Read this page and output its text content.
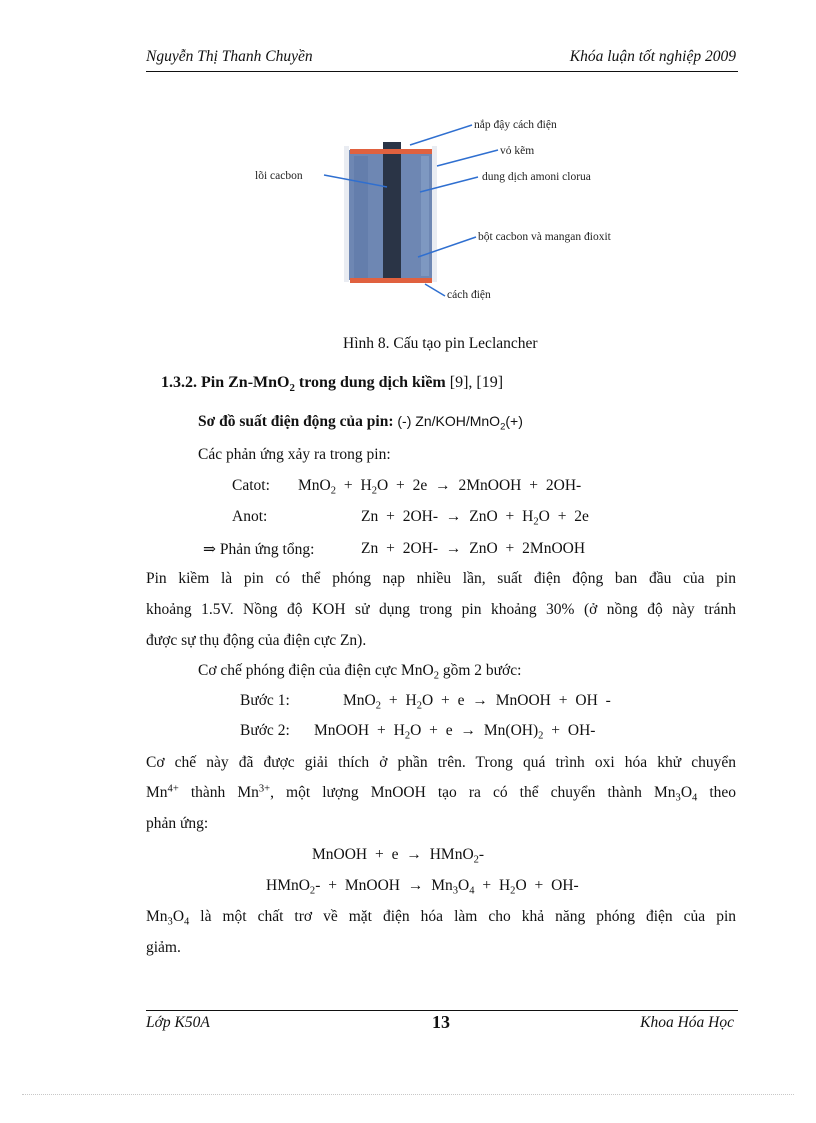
Nguyễn Thị Thanh Chuyền	Khóa luận tốt nghiệp 2009
nắp đậy cách điện
vỏ kẽm
dung dịch amoni clorua
lõi cacbon
bột cacbon và mangan đioxit
cách điện
Hình 8. Cấu tạo pin Leclancher
1.3.2. Pin Zn-MnO$_2$ trong dung dịch kiềm [9], [19]
Sơ đồ suất điện động của pin: (-) Zn/KOH/MnO$_2$(+)
Các phản ứng xảy ra trong pin:
Catot: $MnO_2 + H_2O + 2e$ → 2MnOOH + 2OH-
Anot:	Zn + 2OH- → ZnO + $H_2O + 2e$
⇒ Phản ứng tổng:	Zn + 2OH- → ZnO + 2MnOOH
Pin kiềm là pin có thể phóng nạp nhiều lần, suất điện động ban đầu của pin
khoảng 1.5V. Nồng độ KOH sử dụng trong pin khoảng 30% (ở nồng độ này tránh
được sự thụ động của điện cực Zn).
Cơ chế phóng điện của điện cực MnO$_2$ gồm 2 bước:
Bước 1:	$MnO_2 + H_2O + e$ → MnOOH + OH -
Bước 2: MnOOH + $H_2O + e \to Mn(OH)_2 + OH-$
Cơ chế này đã được giải thích ở phần trên. Trong quá trình oxi hóa khử chuyển
$Mn^{4+}$ thành $Mn^{3+}$, một lượng MnOOH tạo ra có thể chuyển thành $Mn_3O_4$ theo
phản ứng:
MnOOH + e → HMnO$_2$-
HMnO$_2$- + MnOOH → $Mn_3O_4 + H_2O + OH-$
$Mn_3O_4$ là một chất trơ về mặt điện hóa làm cho khả năng phóng điện của pin
giảm.
Lớp K50A	13	Khoa Hóa Học
